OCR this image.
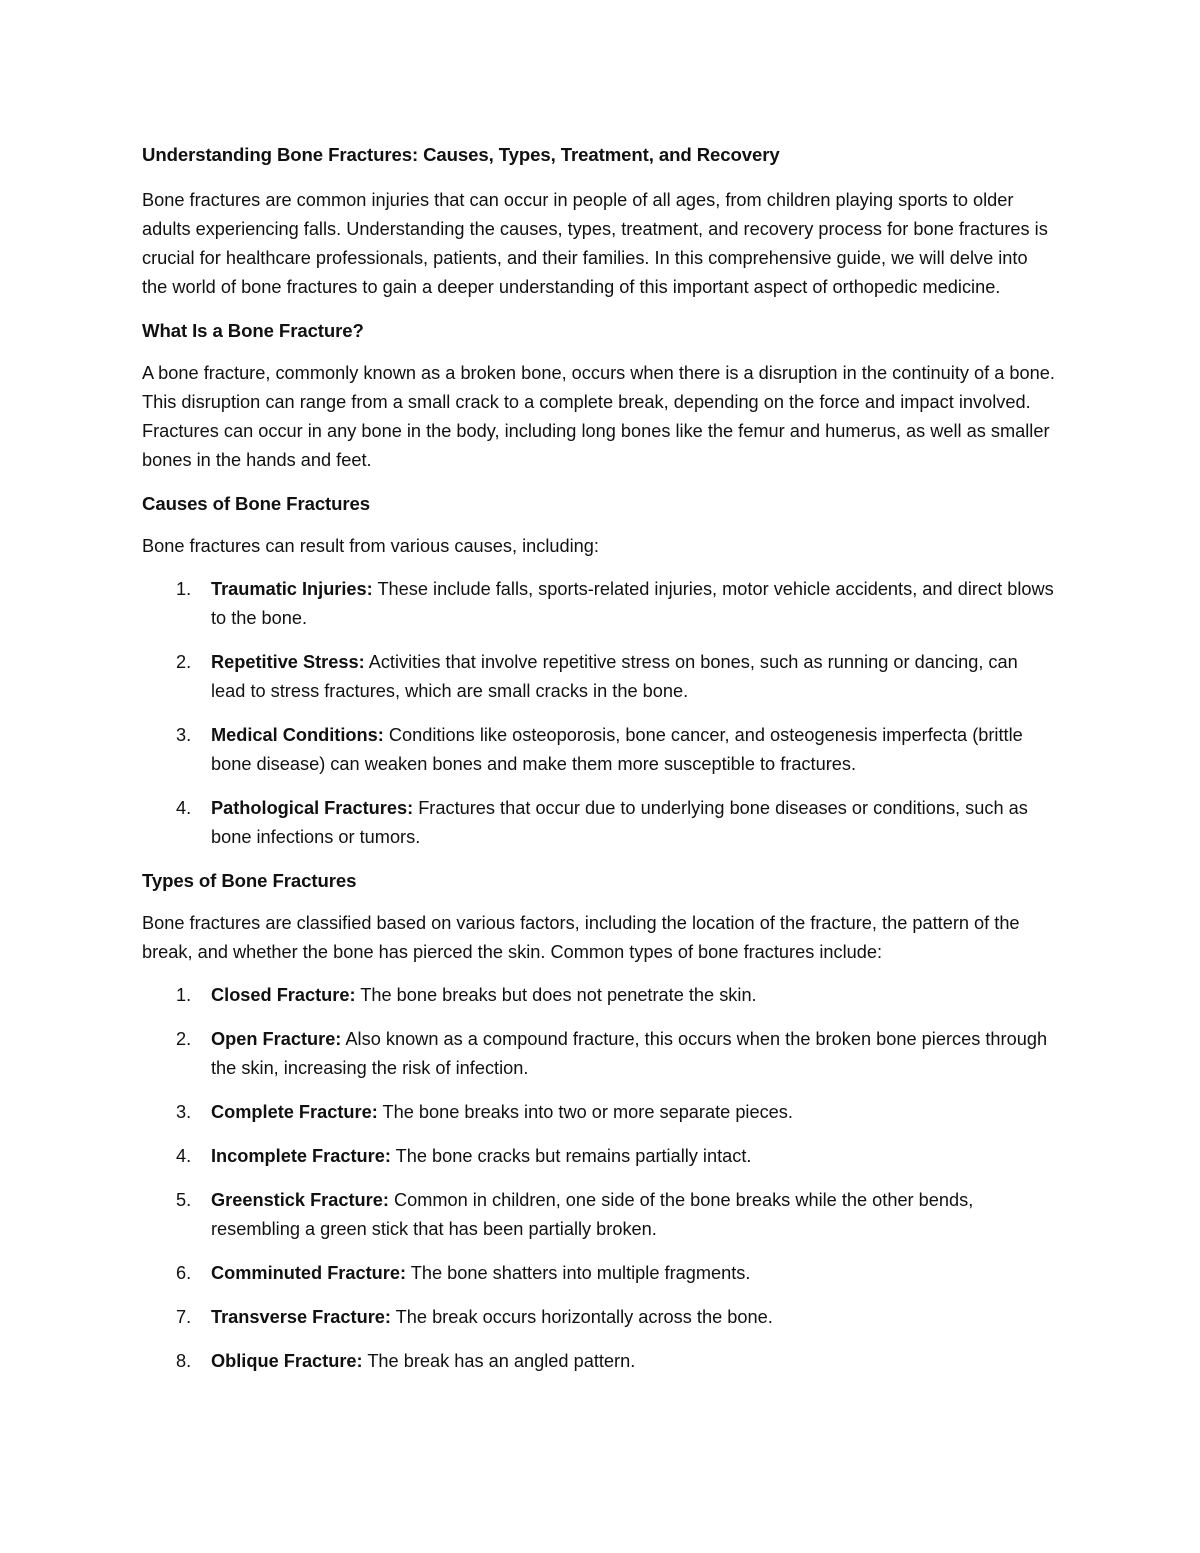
Understanding Bone Fractures: Causes, Types, Treatment, and Recovery

Bone fractures are common injuries that can occur in people of all ages, from children playing sports to older adults experiencing falls. Understanding the causes, types, treatment, and recovery process for bone fractures is crucial for healthcare professionals, patients, and their families. In this comprehensive guide, we will delve into the world of bone fractures to gain a deeper understanding of this important aspect of orthopedic medicine.

What Is a Bone Fracture?

A bone fracture, commonly known as a broken bone, occurs when there is a disruption in the continuity of a bone. This disruption can range from a small crack to a complete break, depending on the force and impact involved. Fractures can occur in any bone in the body, including long bones like the femur and humerus, as well as smaller bones in the hands and feet.

Causes of Bone Fractures

Bone fractures can result from various causes, including:

1. Traumatic Injuries: These include falls, sports-related injuries, motor vehicle accidents, and direct blows to the bone.
2. Repetitive Stress: Activities that involve repetitive stress on bones, such as running or dancing, can lead to stress fractures, which are small cracks in the bone.
3. Medical Conditions: Conditions like osteoporosis, bone cancer, and osteogenesis imperfecta (brittle bone disease) can weaken bones and make them more susceptible to fractures.
4. Pathological Fractures: Fractures that occur due to underlying bone diseases or conditions, such as bone infections or tumors.
Types of Bone Fractures

Bone fractures are classified based on various factors, including the location of the fracture, the pattern of the break, and whether the bone has pierced the skin. Common types of bone fractures include:

1. Closed Fracture: The bone breaks but does not penetrate the skin.
2. Open Fracture: Also known as a compound fracture, this occurs when the broken bone pierces through the skin, increasing the risk of infection.
3. Complete Fracture: The bone breaks into two or more separate pieces.
4. Incomplete Fracture: The bone cracks but remains partially intact.
5. Greenstick Fracture: Common in children, one side of the bone breaks while the other bends, resembling a green stick that has been partially broken.
6. Comminuted Fracture: The bone shatters into multiple fragments.
7. Transverse Fracture: The break occurs horizontally across the bone.
8. Oblique Fracture: The break has an angled pattern.
